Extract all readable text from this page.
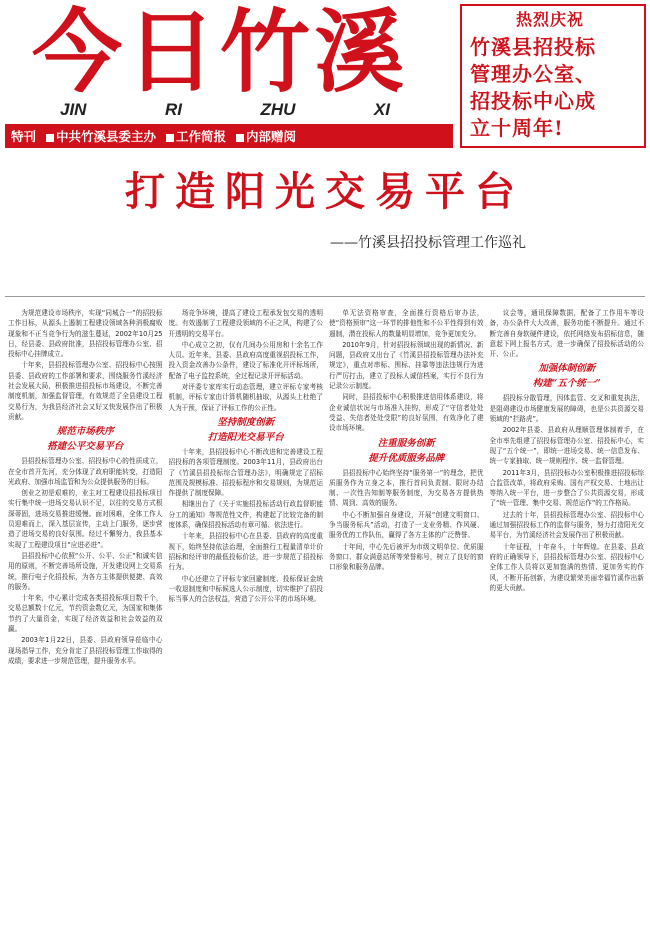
今日竹溪
JIN	RI	ZHU	XI
特刊	中共竹溪县委主办	工作简报	内部赠阅
热烈庆祝
竹溪县招投标
管理办公室、
招投标中心成
立十周年!
打造阳光交易平台
——竹溪县招投标管理工作巡礼

为规范建设市场秩序，实现“同城合一”的招投标工作目标，从源头上遏制工程建设领域各种消极腐败现象和不正当竞争行为的滋生蔓延，2002年10月25日，经县委、县政府批准，县招投标管理办公室、招投标中心挂牌成立。

十年来，县招投标管理办公室、招投标中心按照县委、县政府的工作部署和要求，围绕服务竹溪经济社会发展大局，积极推进招投标市场建设，不断完善制度机制，加强监督管理，有效规范了全县建设工程交易行为，为我县经济社会又好又快发展作出了积极贡献。

规范市场秩序
搭建公平交易平台

县招投标管理办公室、招投标中心的性质成立，在全市首开先河，充分体现了政府职能转变，打造阳光政府、加强市场监管和为公众提供服务的目标。

创业之初是艰难的，业主对工程建设招投标项目实行集中统一进场交易认识不足，以往的交易方式根深蒂固，进场交易推进缓慢。面对困难，全体工作人员迎难而上，深入基层宣传，主动上门服务，逐步营造了进场交易的良好氛围。经过不懈努力，我县基本实现了工程建设项目“应进必进”。

县招投标中心依照“公开、公平、公正”和诚实信用的原则，不断完善场所设施，开发建设网上交易系统，推行电子化招投标，为各方主体提供便捷、高效的服务。

十年来，中心累计完成各类招投标项目数千个，交易总额数十亿元，节约资金数亿元，为国家和集体节约了大量资金，实现了经济效益和社会效益的双赢。

2003年1月22日，县委、县政府领导莅临中心现场指导工作，充分肯定了县招投标管理工作取得的成绩，要求进一步规范管理，提升服务水平。

场竞争环境，提高了建设工程承发包交易的透明度。有效遏制了工程建设领域的不正之风，构建了公开透明的交易平台。

中心成立之初，仅有几间办公用房和十余名工作人员。近年来，县委、县政府高度重视招投标工作，投入资金改善办公条件，建设了标准化开评标场所，配备了电子监控系统，全过程记录开评标活动。

对评委专家库实行动态管理，建立评标专家考核机制，评标专家由计算机随机抽取，从源头上杜绝了人为干预，保证了评标工作的公正性。

坚持制度创新
打造阳光交易平台

十年来，县招投标中心不断改进和完善建设工程招投标的各项管理制度。2003年11月，县政府出台了《竹溪县招投标综合管理办法》，明确规定了招标范围及规模标准、招投标程序和交易规则，为规范运作提供了制度保障。

相继出台了《关于实施招投标活动行政监督职能分工的通知》等规范性文件，构建起了比较完备的制度体系，确保招投标活动有章可循、依法进行。

十年来，县招投标中心在县委、县政府的高度重视下，始终坚持依法治理，全面推行工程量清单计价招标和经评审的最低投标价法，进一步规范了招投标行为。

中心还建立了评标专家回避制度、投标保证金统一收退制度和中标候选人公示制度，切实维护了招投标当事人的合法权益，营造了公开公平的市场环境。

单无法资格审查，全面推行资格后审办法，使“资格预审”这一环节的排他性和不公平性得到有效遏制，潜在投标人的数量明显增加，竞争更加充分。

2010年9月，针对招投标领域出现的新情况、新问题，县政府又出台了《竹溪县招投标管理办法补充规定》，重点对串标、围标、挂靠等违法违规行为进行严厉打击，建立了投标人诚信档案，实行不良行为记录公示制度。

同时，县招投标中心积极推进信用体系建设，将企业诚信状况与市场准入挂钩，形成了“守信者处处受益、失信者处处受限”的良好氛围，有效净化了建设市场环境。

注重服务创新
提升优质服务品牌

县招投标中心始终坚持“服务第一”的理念，把优质服务作为立身之本，推行首问负责制、限时办结制、一次性告知制等服务制度，为交易各方提供热情、周到、高效的服务。

中心不断加强自身建设，开展“创建文明窗口、争当服务标兵”活动，打造了一支业务精、作风硬、服务优的工作队伍，赢得了各方主体的广泛赞誉。

十年间，中心先后被评为市级文明单位、优质服务窗口、群众满意站所等荣誉称号，树立了良好的窗口形象和服务品牌。

议会等，通讯保障数据，配备了工作用车等设备，办公条件大大改善，服务功能不断提升。通过不断完善自身软硬件建设，依托网络发布招标信息，随意起下网上报名方式，进一步确保了招投标活动的公开、公正。

加强体制创新
构建“五个统一”

招投标分散管理，因体监管、交叉和重复执法，是阻碍建设市场健康发展的障碍，也是公共资源交易领域的“拦路虎”。

2002年县委、县政府从理顺管理体制着手，在全市率先组建了招投标管理办公室、招投标中心，实现了“五个统一”，即统一进场交易、统一信息发布、统一专家抽取、统一规则程序、统一监督管理。

2011年3月，县招投标办公室积极推进招投标综合监管改革，将政府采购、国有产权交易、土地出让等纳入统一平台，进一步整合了公共资源交易，形成了“统一管理、集中交易、规范运作”的工作格局。

过去的十年，县招投标管理办公室、招投标中心通过加强招投标工作的监督与服务，努力打造阳光交易平台，为竹溪经济社会发展作出了积极贡献。

十年征程，十年奋斗，十年辉煌。在县委、县政府的正确领导下，县招投标管理办公室、招投标中心全体工作人员将以更加饱满的热情、更加务实的作风，不断开拓创新，为建设繁荣美丽幸福竹溪作出新的更大贡献。
